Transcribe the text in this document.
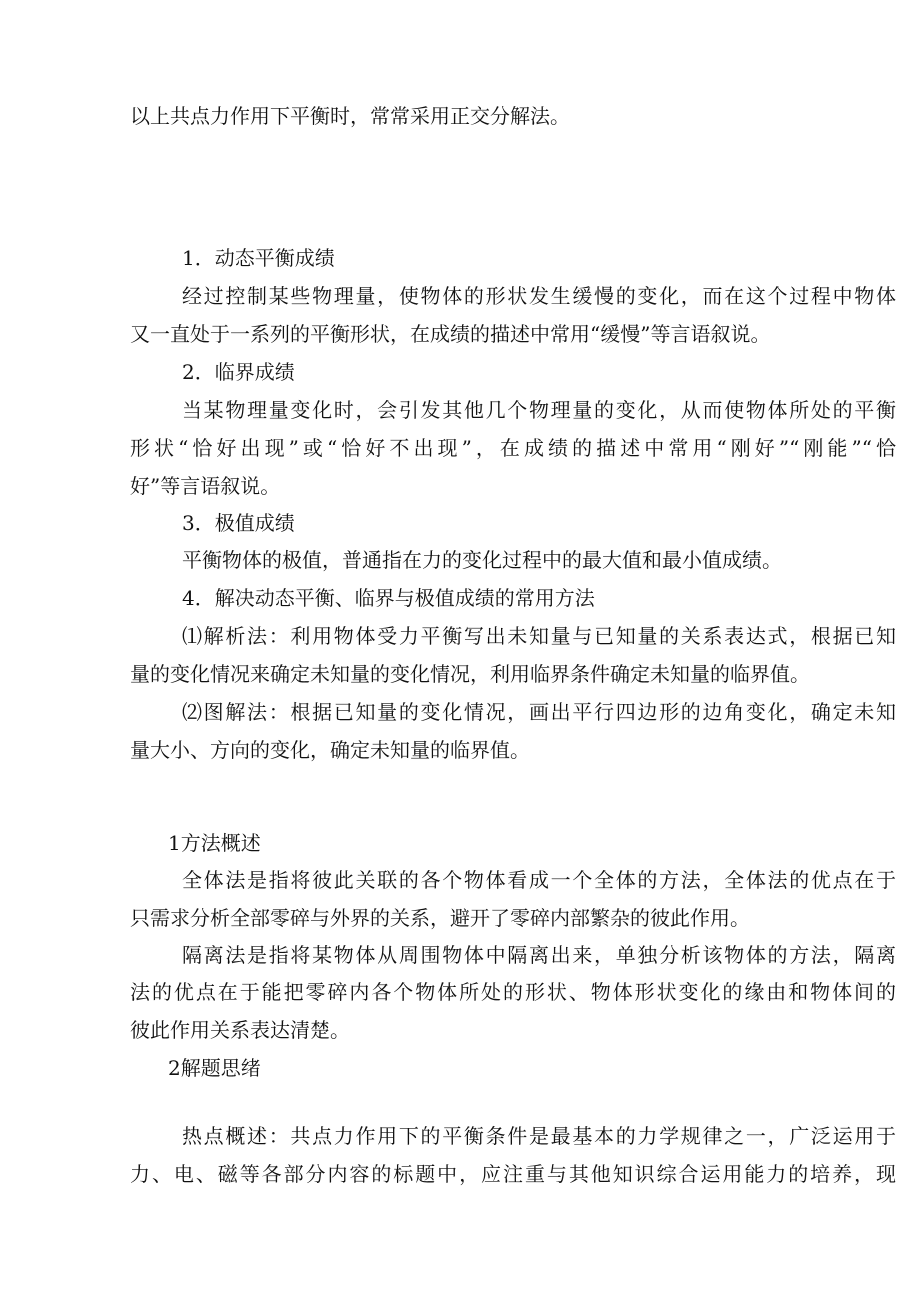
以上共点力作用下平衡时，常常采用正交分解法。
1．动态平衡成绩
经过控制某些物理量，使物体的形状发生缓慢的变化，而在这个过程中物体
又一直处于一系列的平衡形状，在成绩的描述中常用“缓慢”等言语叙说。
2．临界成绩
当某物理量变化时，会引发其他几个物理量的变化，从而使物体所处的平衡
形状“恰好出现”或“恰好不出现”，在成绩的描述中常用“刚好”“刚能”“恰
好”等言语叙说。
3．极值成绩
平衡物体的极值，普通指在力的变化过程中的最大值和最小值成绩。
4．解决动态平衡、临界与极值成绩的常用方法
⑴解析法：利用物体受力平衡写出未知量与已知量的关系表达式，根据已知
量的变化情况来确定未知量的变化情况，利用临界条件确定未知量的临界值。
⑵图解法：根据已知量的变化情况，画出平行四边形的边角变化，确定未知
量大小、方向的变化，确定未知量的临界值。
1方法概述
全体法是指将彼此关联的各个物体看成一个全体的方法，全体法的优点在于
只需求分析全部零碎与外界的关系，避开了零碎内部繁杂的彼此作用。
隔离法是指将某物体从周围物体中隔离出来，单独分析该物体的方法，隔离
法的优点在于能把零碎内各个物体所处的形状、物体形状变化的缘由和物体间的
彼此作用关系表达清楚。
2解题思绪
热点概述：共点力作用下的平衡条件是最基本的力学规律之一，广泛运用于
力、电、磁等各部分内容的标题中，应注重与其他知识综合运用能力的培养，现
